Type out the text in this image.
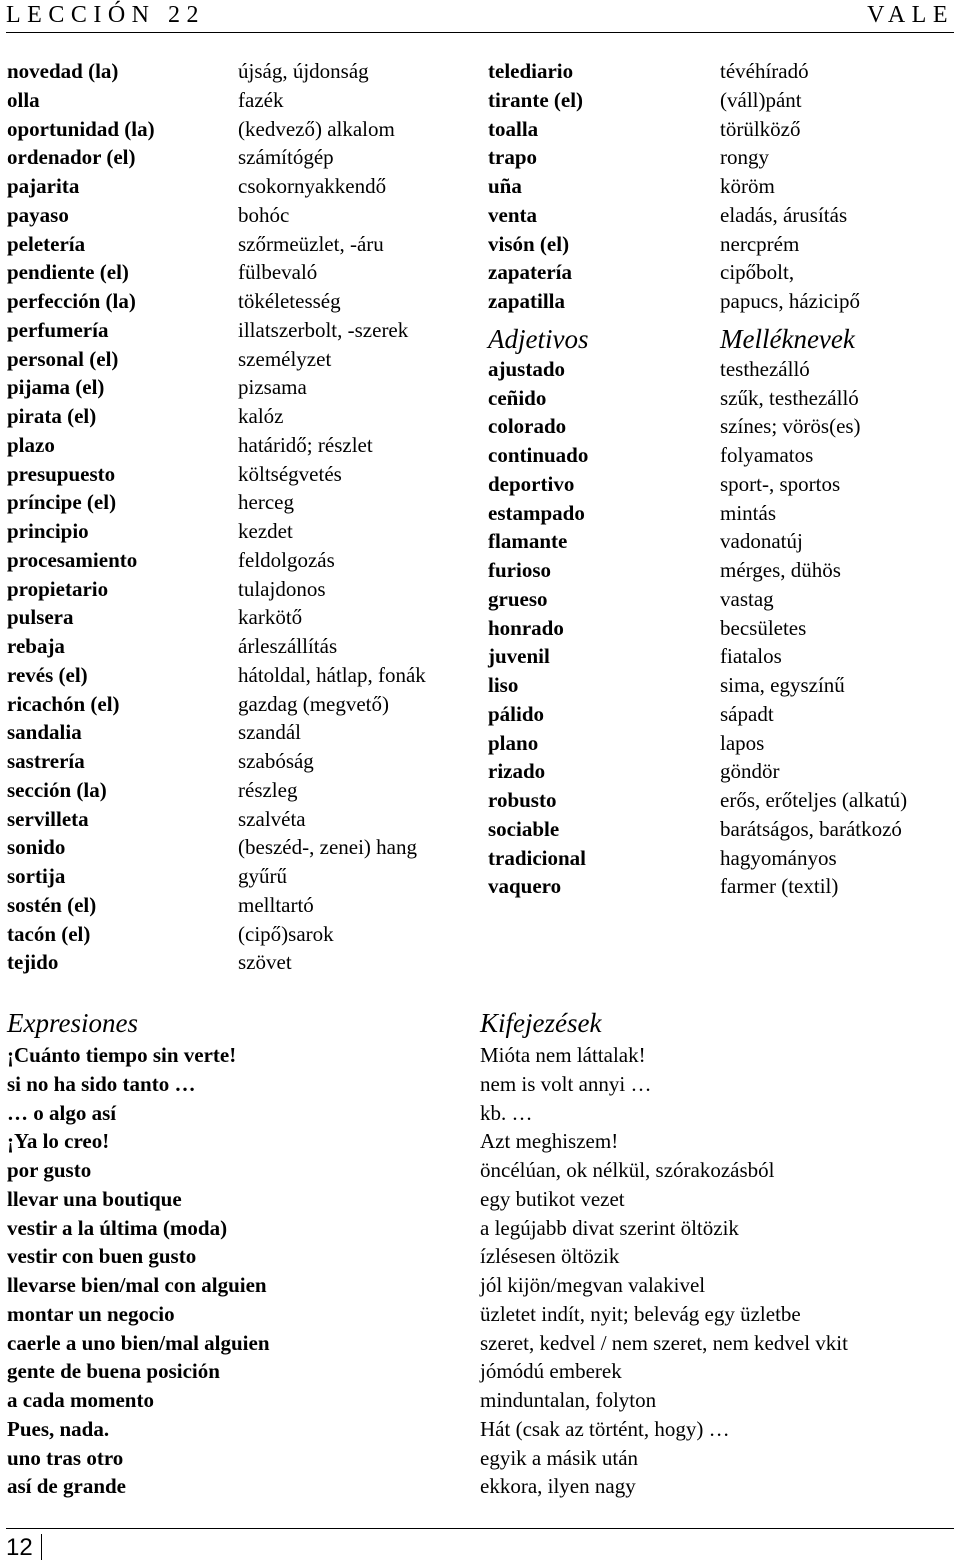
LECCIÓN 22	VALE
novedad (la)
olla
oportunidad (la)
ordenador (el)
pajarita
payaso
peletería
pendiente (el)
perfección (la)
perfumería
personal (el)
pijama (el)
pirata (el)
plazo
presupuesto
príncipe (el)
principio
procesamiento
propietario
pulsera
rebaja
revés (el)
ricachón (el)
sandalia
sastrería
sección (la)
servilleta
sonido
sortija
sostén (el)
tacón (el)
tejido
újság, újdonság
fazék
(kedvező) alkalom
számítógép
csokornyakkendő
bohóc
szőrmeüzlet, -áru
fülbevaló
tökéletesség
illatszerbolt, -szerek
személyzet
pizsama
kalóz
határidő; részlet
költségvetés
herceg
kezdet
feldolgozás
tulajdonos
karkötő
árleszállítás
hátoldal, hátlap, fonák
gazdag (megvető)
szandál
szabóság
részleg
szalvéta
(beszéd-, zenei) hang
gyűrű
melltartó
(cipő)sarok
szövet
telediario
tirante (el)
toalla
trapo
uña
venta
visón (el)
zapatería
zapatilla
Adjetivos
ajustado
ceñido
colorado
continuado
deportivo
estampado
flamante
furioso
grueso
honrado
juvenil
liso
pálido
plano
rizado
robusto
sociable
tradicional
vaquero
tévéhíradó
(váll)pánt
törülköző
rongy
köröm
eladás, árusítás
nercprém
cipőbolt,
papucs, házicipő
Melléknevek
testhezálló
szűk, testhezálló
színes; vörös(es)
folyamatos
sport-, sportos
mintás
vadonatúj
mérges, dühös
vastag
becsületes
fiatalos
sima, egyszínű
sápadt
lapos
göndör
erős, erőteljes (alkatú)
barátságos, barátkozó
hagyományos
farmer (textil)
Expresiones
¡Cuánto tiempo sin verte!
si no ha sido tanto …
… o algo así
¡Ya lo creo!
por gusto
llevar una boutique
vestir a la última (moda)
vestir con buen gusto
llevarse bien/mal con alguien
montar un negocio
caerle a uno bien/mal alguien
gente de buena posición
a cada momento
Pues, nada.
uno tras otro
así de grande
Kifejezések
Mióta nem láttalak!
nem is volt annyi …
kb. …
Azt meghiszem!
öncélúan, ok nélkül, szórakozásból
egy butikot vezet
a legújabb divat szerint öltözik
ízlésesen öltözik
jól kijön/megvan valakivel
üzletet indít, nyit; belevág egy üzletbe
szeret, kedvel / nem szeret, nem kedvel vkit
jómódú emberek
minduntalan, folyton
Hát (csak az történt, hogy) …
egyik a másik után
ekkora, ilyen nagy
12
